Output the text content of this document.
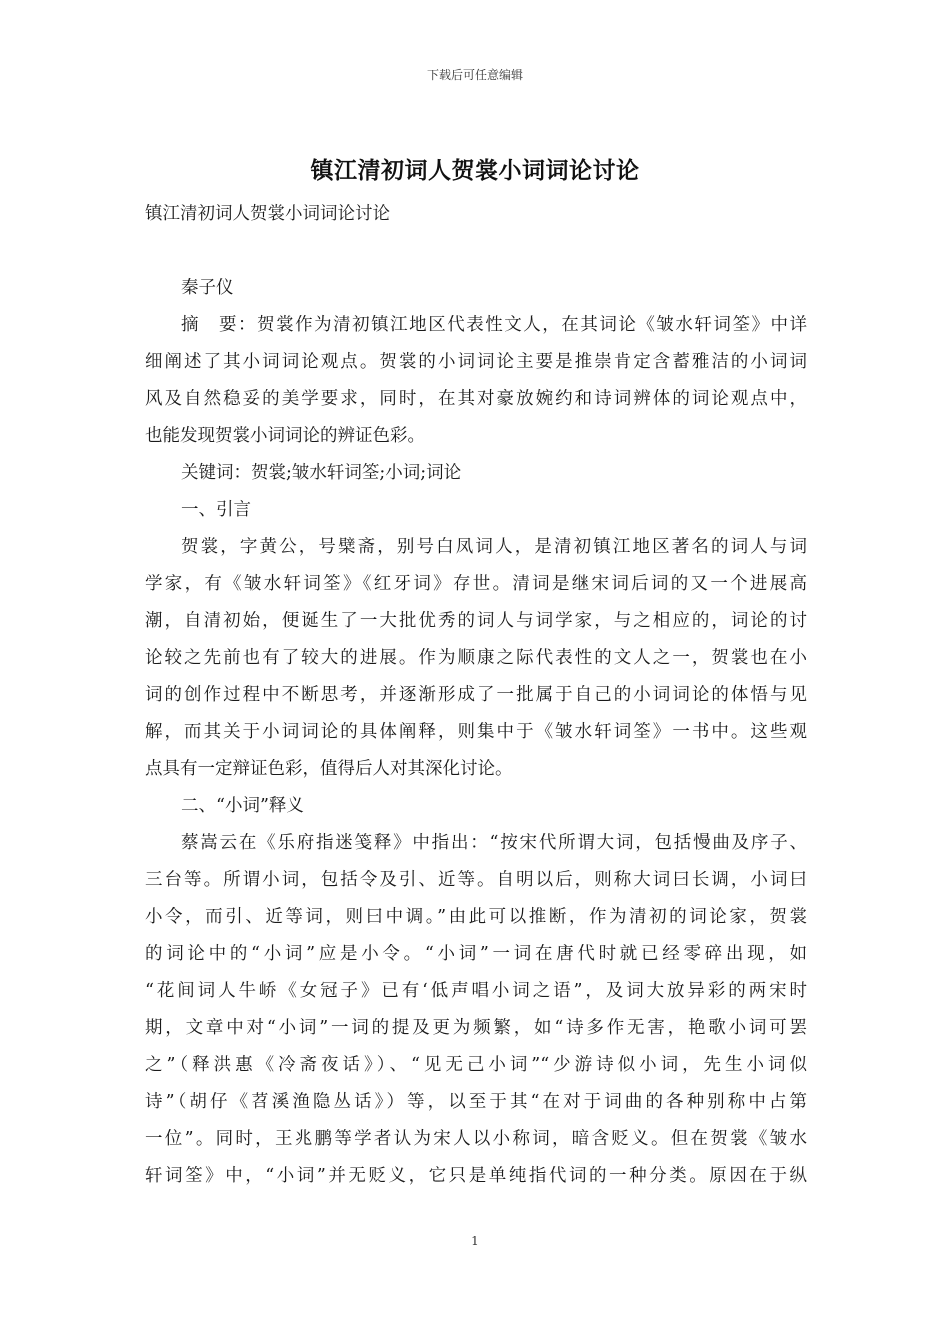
下载后可任意编辑
镇江清初词人贺裳小词词论讨论
镇江清初词人贺裳小词词论讨论
秦子仪
摘　要：贺裳作为清初镇江地区代表性文人，在其词论《皱水轩词筌》中详
细阐述了其小词词论观点。贺裳的小词词论主要是推崇肯定含蓄雅洁的小词词
风及自然稳妥的美学要求，同时，在其对豪放婉约和诗词辨体的词论观点中，
也能发现贺裳小词词论的辨证色彩。
关键词：贺裳;皱水轩词筌;小词;词论
一、引言
贺裳，字黄公，号檗斋，别号白凤词人，是清初镇江地区著名的词人与词
学家，有《皱水轩词筌》《红牙词》存世。清词是继宋词后词的又一个进展高
潮，自清初始，便诞生了一大批优秀的词人与词学家，与之相应的，词论的讨
论较之先前也有了较大的进展。作为顺康之际代表性的文人之一，贺裳也在小
词的创作过程中不断思考，并逐渐形成了一批属于自己的小词词论的体悟与见
解，而其关于小词词论的具体阐释，则集中于《皱水轩词筌》一书中。这些观
点具有一定辩证色彩，值得后人对其深化讨论。
二、“小词”释义
蔡嵩云在《乐府指迷笺释》中指出：“按宋代所谓大词，包括慢曲及序子、
三台等。所谓小词，包括令及引、近等。自明以后，则称大词曰长调，小词曰
小令，而引、近等词，则曰中调。”由此可以推断，作为清初的词论家，贺裳
的词论中的“小词”应是小令。“小词”一词在唐代时就已经零碎出现，如
“花间词人牛峤《女冠子》已有‘低声唱小词之语”，及词大放异彩的两宋时
期，文章中对“小词”一词的提及更为频繁，如“诗多作无害，艳歌小词可罢
之”（释洪惠《冷斋夜话》）、“见无己小词”“少游诗似小词，先生小词似
诗”（胡仔《苕溪渔隐丛话》）等，以至于其“在对于词曲的各种别称中占第
一位”。同时，王兆鹏等学者认为宋人以小称词，暗含贬义。但在贺裳《皱水
轩词筌》中，“小词”并无贬义，它只是单纯指代词的一种分类。原因在于纵
1
